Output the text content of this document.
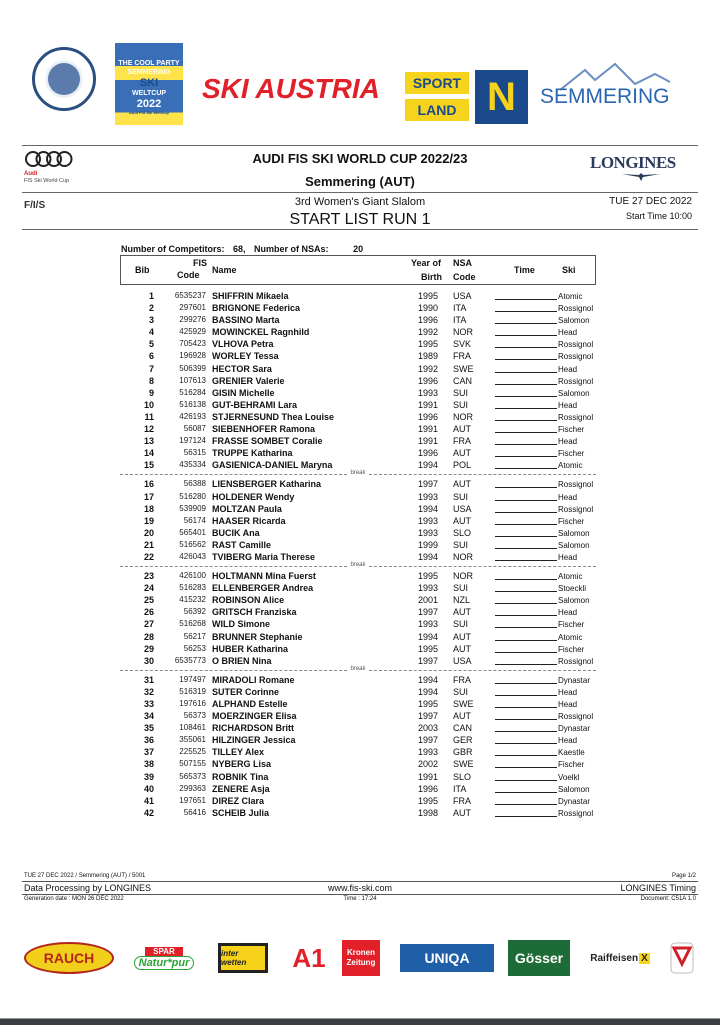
THE COOL PARTY
SEMMERING
SKI
WELTCUP
2022
Audi FIS Ski Weltcup
SKI AUSTRIA	SPORT
LAND N	SEMMERING
Audi
FIS Ski World Cup
AUDI FIS SKI WORLD CUP 2022/23
Semmering (AUT)
LONGINES
F/I/S	3rd Women's Giant Slalom
START LIST RUN 1
TUE 27 DEC 2022
Start Time 10:00
Number of Competitors: 68, Number of NSAs:	20
Bib
FIS
Code Name
Year of
Birth
NSA
Code
Time	Ski
1	6535237 SHIFFRIN Mikaela	1995 USA	Atomic
2	297601 BRIGNONE Federica	1990 ITA	Rossignol
3	299276 BASSINO Marta	1996 ITA	Salomon
4	425929 MOWINCKEL Ragnhild	1992 NOR	Head
5	705423 VLHOVA Petra	1995 SVK	Rossignol
6	196928 WORLEY Tessa	1989 FRA	Rossignol
7	506399 HECTOR Sara	1992 SWE	Head
8	107613 GRENIER Valerie	1996 CAN	Rossignol
9	516284 GISIN Michelle	1993 SUI	Salomon
10	516138 GUT-BEHRAMI Lara	1991 SUI	Head
11	426193 STJERNESUND Thea Louise	1996 NOR	Rossignol
12	56087 SIEBENHOFER Ramona	1991 AUT	Fischer
13	197124 FRASSE SOMBET Coralie	1991 FRA	Head
14	56315 TRUPPE Katharina	1996 AUT	Fischer
15	435334 GASIENICA-DANIEL Maryna	1994 POL	Atomic
break
16	56388 LIENSBERGER Katharina	1997 AUT	Rossignol
17	516280 HOLDENER Wendy	1993 SUI	Head
18	539909 MOLTZAN Paula	1994 USA	Rossignol
19	56174 HAASER Ricarda	1993 AUT	Fischer
20	565401 BUCIK Ana	1993 SLO	Salomon
21	516562 RAST Camille	1999 SUI	Salomon
22	426043 TVIBERG Maria Therese	1994 NOR	Head
break
23	426100 HOLTMANN Mina Fuerst	1995 NOR	Atomic
24	516283 ELLENBERGER Andrea	1993 SUI	Stoeckli
25	415232 ROBINSON Alice	2001 NZL	Salomon
26	56392 GRITSCH Franziska	1997 AUT	Head
27	516268 WILD Simone	1993 SUI	Fischer
28	56217 BRUNNER Stephanie	1994 AUT	Atomic
29	56253 HUBER Katharina	1995 AUT	Fischer
30	6535773 O BRIEN Nina	1997 USA	Rossignol
break
31	197497 MIRADOLI Romane	1994 FRA	Dynastar
32	516319 SUTER Corinne	1994 SUI	Head
33	197616 ALPHAND Estelle	1995 SWE	Head
34	56373 MOERZINGER Elisa	1997 AUT	Rossignol
35	108461 RICHARDSON Britt	2003 CAN	Dynastar
36	355061 HILZINGER Jessica	1997 GER	Head
37	225525 TILLEY Alex	1993 GBR	Kaestle
38	507155 NYBERG Lisa	2002 SWE	Fischer
39	565373 ROBNIK Tina	1991 SLO	Voelkl
40	299363 ZENERE Asja	1996 ITA	Salomon
41	197651 DIREZ Clara	1995 FRA	Dynastar
42	56416 SCHEIB Julia	1998 AUT	Rossignol
TUE 27 DEC 2022 / Semmering (AUT) / 5001	Page 1/2
Data Processing by LONGINES	www.fis-ski.com	LONGINES Timing
Generation date : MON 26 DEC 2022	Time : 17:24	Document: C51A 1.0
RAUCH	SPAR
Natur*pur
inter wetten	A1	Kronen
Zeitung	UNIQA	Gösser	Raiffeisen X
